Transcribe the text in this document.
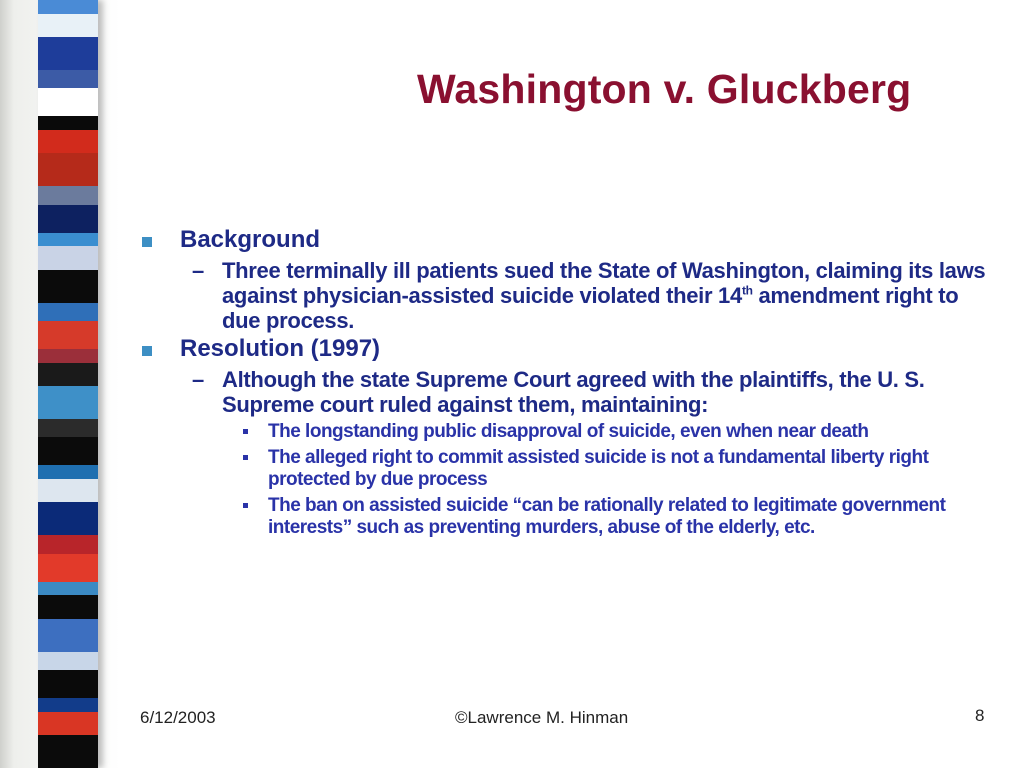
Washington v. Gluckberg
Background
– Three terminally ill patients sued the State of Washington, claiming its laws against physician-assisted suicide violated their 14th amendment right to due process.
Resolution (1997)
– Although the state Supreme Court agreed with the plaintiffs, the U. S. Supreme court ruled against them, maintaining:
The longstanding public disapproval of suicide, even when near death
The alleged right to commit assisted suicide is not a fundamental liberty right protected by due process
The ban on assisted suicide “can be rationally related to legitimate government interests” such as preventing murders, abuse of the elderly, etc.
6/12/2003	©Lawrence M. Hinman	8
